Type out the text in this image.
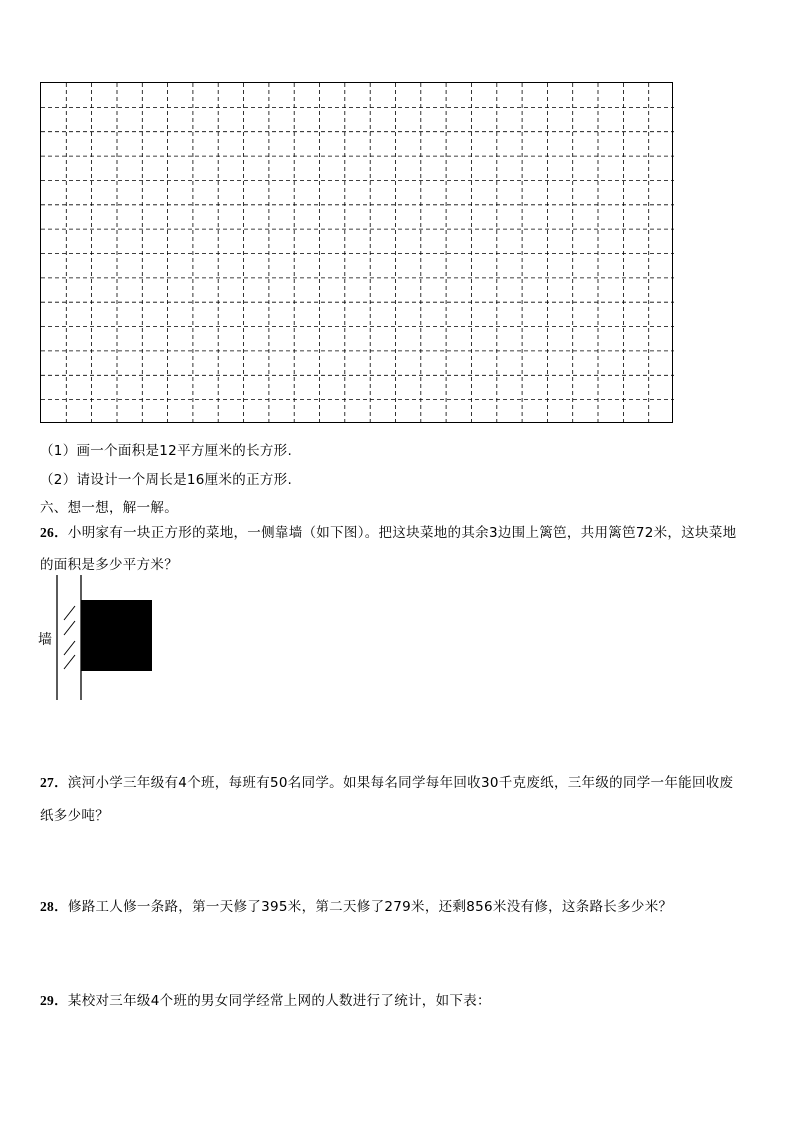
（1）画一个面积是12平方厘米的长方形.
（2）请设计一个周长是16厘米的正方形.
六、想一想，解一解。
26．小明家有一块正方形的菜地，一侧靠墙（如下图）。把这块菜地的其余3边围上篱笆，共用篱笆72米，这块菜地
的面积是多少平方米？
墙
27．滨河小学三年级有4个班，每班有50名同学。如果每名同学每年回收30千克废纸，三年级的同学一年能回收废
纸多少吨？
28．修路工人修一条路，第一天修了395米，第二天修了279米，还剩856米没有修，这条路长多少米？
29．某校对三年级4个班的男女同学经常上网的人数进行了统计，如下表：
